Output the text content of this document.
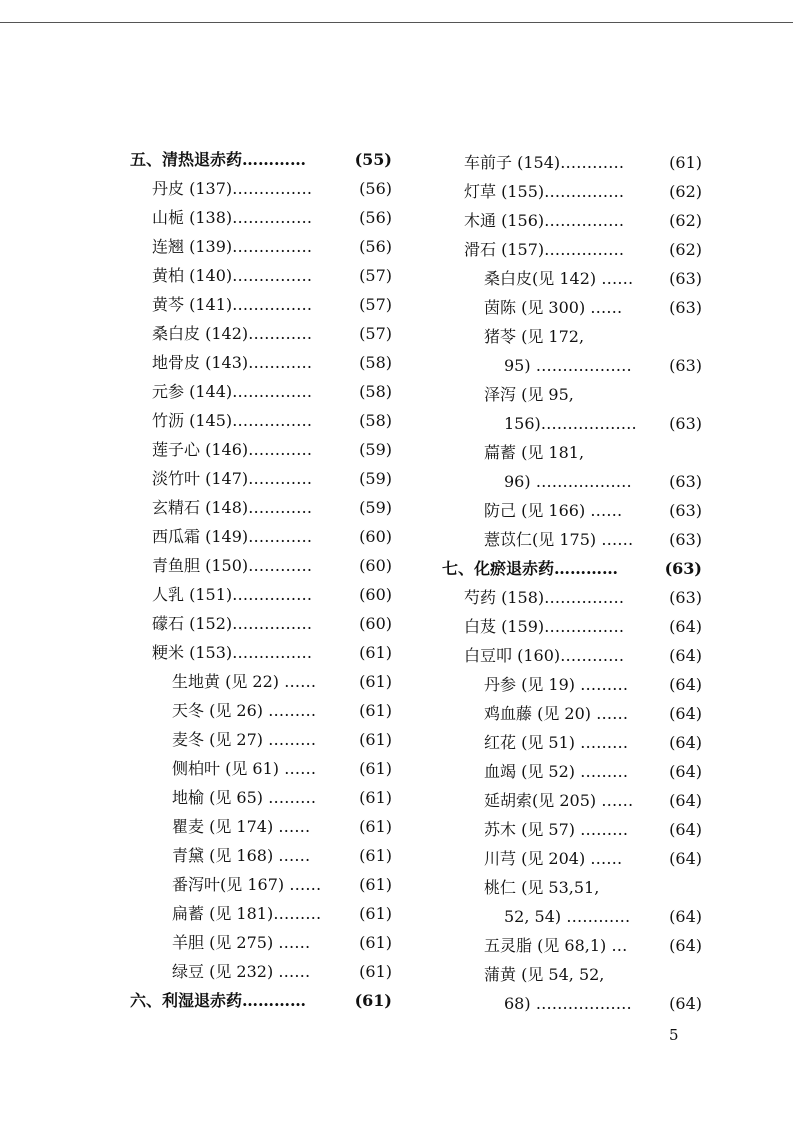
五、清热退赤药…………	(55)
丹皮 (137)……………	(56)
山栀 (138)……………	(56)
连翘 (139)……………	(56)
黄柏 (140)……………	(57)
黄芩 (141)……………	(57)
桑白皮 (142)…………	(57)
地骨皮 (143)…………	(58)
元参 (144)……………	(58)
竹沥 (145)……………	(58)
莲子心 (146)…………	(59)
淡竹叶 (147)…………	(59)
玄精石 (148)…………	(59)
西瓜霜 (149)…………	(60)
青鱼胆 (150)…………	(60)
人乳 (151)……………	(60)
礞石 (152)……………	(60)
粳米 (153)……………	(61)
生地黄 (见 22) ……	(61)
天冬 (见 26) ………	(61)
麦冬 (见 27) ………	(61)
侧柏叶 (见 61) ……	(61)
地榆 (见 65) ………	(61)
瞿麦 (见 174) ……	(61)
青黛 (见 168) ……	(61)
番泻叶(见 167) …… (61)
扁蓄 (见 181)……… (61)
羊胆 (见 275) ……	(61)
绿豆 (见 232) ……	(61)
六、利湿退赤药…………	(61)
车前子 (154)…………	(61)
灯草 (155)……………	(62)
木通 (156)……………	(62)
滑石 (157)……………	(62)
桑白皮(见 142) …… (63)
茵陈 (见 300) ……	(63)
猪苓 (见 172,
95) ……………… (63)
泽泻 (见 95,
156)……………… (63)
萹蓄 (见 181,
96) ……………… (63)
防己 (见 166) ……	(63)
薏苡仁(见 175) …… (63)
七、化瘀退赤药…………	(63)
芍药 (158)……………	(63)
白芨 (159)……………	(64)
白豆叩 (160)…………	(64)
丹参 (见 19) ………	(64)
鸡血藤 (见 20) ……	(64)
红花 (见 51) ………	(64)
血竭 (见 52) ………	(64)
延胡索(见 205) …… (64)
苏木 (见 57) ………	(64)
川芎 (见 204) ……	(64)
桃仁 (见 53,51,
52, 54) ………… (64)
五灵脂 (见 68,1) …	(64)
蒲黄 (见 54, 52,
68) ……………… (64)
5
